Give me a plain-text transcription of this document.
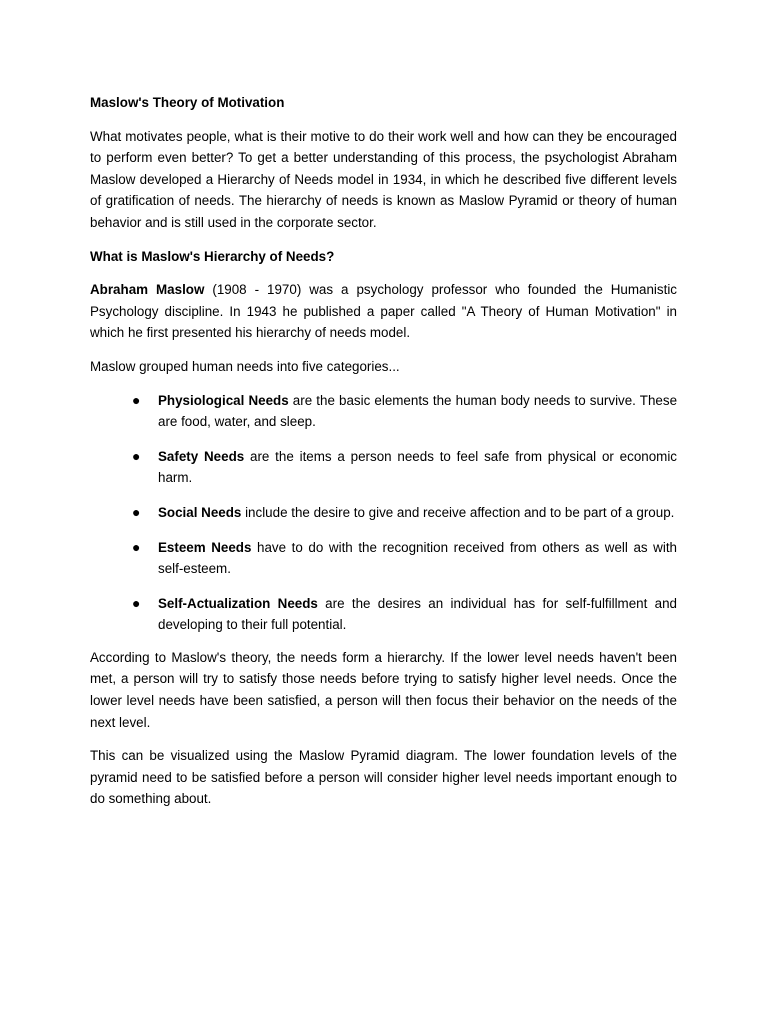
Maslow's Theory of Motivation

What motivates people, what is their motive to do their work well and how can they be encouraged to perform even better? To get a better understanding of this process, the psychologist Abraham Maslow developed a Hierarchy of Needs model in 1934, in which he described five different levels of gratification of needs. The hierarchy of needs is known as Maslow Pyramid or theory of human behavior and is still used in the corporate sector.

What is Maslow's Hierarchy of Needs?

Abraham Maslow (1908 - 1970) was a psychology professor who founded the Humanistic Psychology discipline. In 1943 he published a paper called "A Theory of Human Motivation" in which he first presented his hierarchy of needs model.

Maslow grouped human needs into five categories...

● Physiological Needs are the basic elements the human body needs to survive. These are food, water, and sleep.
● Safety Needs are the items a person needs to feel safe from physical or economic harm.
● Social Needs include the desire to give and receive affection and to be part of a group.
● Esteem Needs have to do with the recognition received from others as well as with self-esteem.
● Self-Actualization Needs are the desires an individual has for self-fulfillment and developing to their full potential.

According to Maslow's theory, the needs form a hierarchy. If the lower level needs haven't been met, a person will try to satisfy those needs before trying to satisfy higher level needs. Once the lower level needs have been satisfied, a person will then focus their behavior on the needs of the next level.

This can be visualized using the Maslow Pyramid diagram. The lower foundation levels of the pyramid need to be satisfied before a person will consider higher level needs important enough to do something about.
